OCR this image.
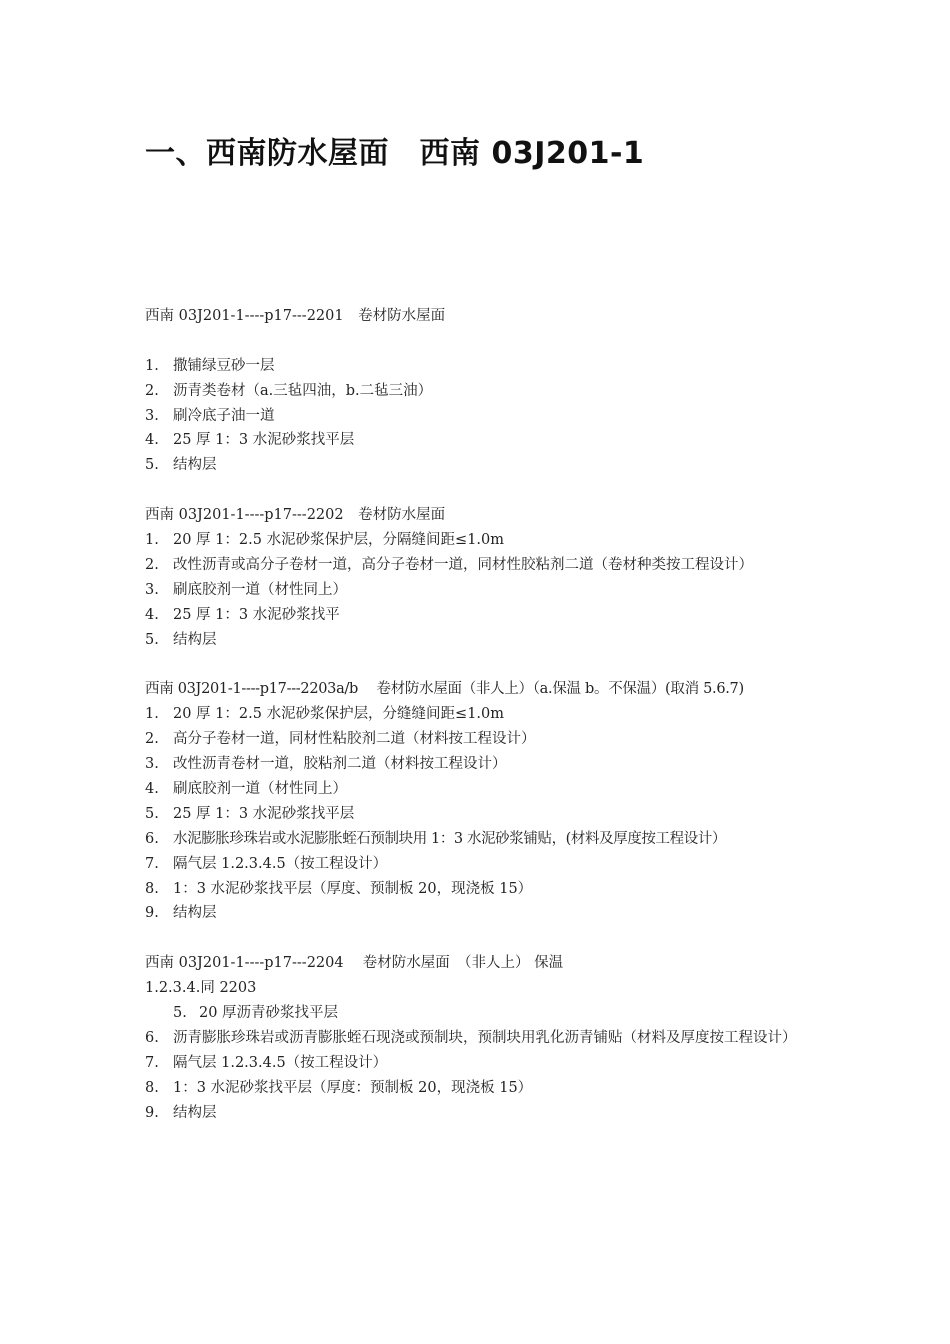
一、西南防水屋面　西南 03J201-1
西南 03J201-1----p17---2201　卷材防水屋面
1. 撒铺绿豆砂一层
2. 沥青类卷材（a.三毡四油，b.二毡三油）
3. 刷冷底子油一道
4. 25 厚 1：3 水泥砂浆找平层
5. 结构层
西南 03J201-1----p17---2202　卷材防水屋面
1. 20 厚 1：2.5 水泥砂浆保护层，分隔缝间距≤1.0m
2. 改性沥青或高分子卷材一道，高分子卷材一道，同材性胶粘剂二道（卷材种类按工程设计）
3. 刷底胶剂一道（材性同上）
4. 25 厚 1：3 水泥砂浆找平
5. 结构层
西南 03J201-1----p17---2203a/b　 卷材防水屋面（非人上）（a.保温 b。不保温）(取消 5.6.7)
1. 20 厚 1：2.5 水泥砂浆保护层，分缝缝间距≤1.0m
2. 高分子卷材一道，同材性粘胶剂二道（材料按工程设计）
3. 改性沥青卷材一道，胶粘剂二道（材料按工程设计）
4. 刷底胶剂一道（材性同上）
5. 25 厚 1：3 水泥砂浆找平层
6. 水泥膨胀珍珠岩或水泥膨胀蛭石预制块用 1：3 水泥砂浆铺贴，(材料及厚度按工程设计）
7. 隔气层 1.2.3.4.5（按工程设计）
8. 1：3 水泥砂浆找平层（厚度、预制板 20，现浇板 15）
9. 结构层
西南 03J201-1----p17---2204　 卷材防水屋面　（非人上） 保温
1.2.3.4.同 2203
5. 20 厚沥青砂浆找平层
6. 沥青膨胀珍珠岩或沥青膨胀蛭石现浇或预制块，预制块用乳化沥青铺贴（材料及厚度按工程设计）
7. 隔气层 1.2.3.4.5（按工程设计）
8. 1：3 水泥砂浆找平层（厚度：预制板 20，现浇板 15）
9. 结构层
